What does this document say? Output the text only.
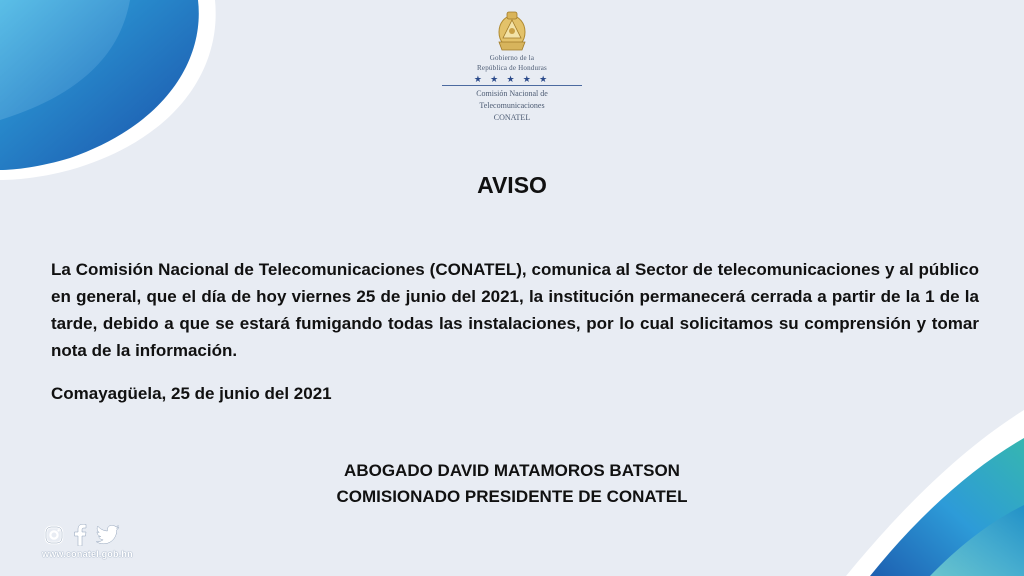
Gobierno de la
República de Honduras
★ ★ ★ ★ ★
Comisión Nacional de
Telecomunicaciones
CONATEL
AVISO

La Comisión Nacional de Telecomunicaciones (CONATEL), comunica al Sector de telecomunicaciones y al público en general, que el día de hoy viernes 25 de junio del 2021, la institución permanecerá cerrada a partir de la 1 de la tarde, debido a que se estará fumigando todas las instalaciones, por lo cual solicitamos su comprensión y tomar nota de la información.

Comayagüela, 25 de junio del 2021

ABOGADO DAVID MATAMOROS BATSON

COMISIONADO PRESIDENTE DE CONATEL

www.conatel.gob.hn
